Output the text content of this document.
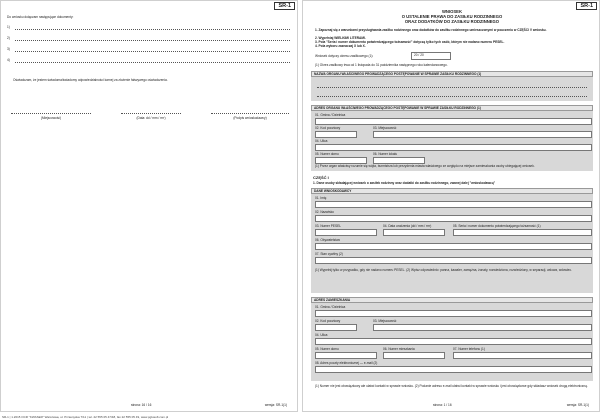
SR-1
Do wniosku dołączam następujące dokumenty:
1)
2)
3)
4)
Oświadczam, że jestem świadoma/świadomy odpowiedzialności karnej za złożenie fałszywego oświadczenia.
(Miejscowość)	(Data: dd / mm / rrrr)	(Podpis wnioskodawcy)
strona: 16 / 16	wersja: SR-1(1)
SR-1
WNIOSEK
O USTALENIE PRAWA DO ZASIŁKU RODZINNEGO
ORAZ DODATKÓW DO ZASIŁKU RODZINNEGO
1. Zapoznaj się z warunkami przysługiwania zasiłku rodzinnego oraz dodatków do zasiłku rodzinnego umieszczonymi w pouczeniu w CZĘŚCI V wniosku.
2. Wypełniaj WIELKIMI LITERAMI.
3. Pola "Seria i numer dokumentu potwierdzającego tożsamość" dotyczą tylko tych osób, którym nie nadano numeru PESEL.
4. Pola wyboru zaznaczaj X lub X.
Wniosek dotyczy okresu zasiłkowego (1):	20 / 20
(1) Okres zasiłkowy trwa od 1 listopada do 31 października następnego roku kalendarzowego.
NAZWA ORGANU WŁAŚCIWEGO PROWADZĄCEGO POSTĘPOWANIE W SPRAWIE ZASIŁKU RODZINNEGO (1)
ADRES ORGANU WŁAŚCIWEGO PROWADZĄCEGO POSTĘPOWANIE W SPRAWIE ZASIŁKU RODZINNEGO (1)
01. Gmina / Dzielnica
02. Kod pocztowy	03. Miejscowość
04. Ulica
05. Numer domu	06. Numer lokalu
(1) Przez organ właściwy rozumie się wójta, burmistrza lub prezydenta miasta właściwego ze względu na miejsce zamieszkania osoby ubiegającej wniosek.
CZĘŚĆ I
1. Dane osoby składającej wniosek o zasiłek rodzinny oraz dodatki do zasiłku rodzinnego, zwanej dalej "wnioskodawcą"
DANE WNIOSKODAWCY
01. Imię
02. Nazwisko
03. Numer PESEL	04. Data urodzenia (dd / mm / rrrr)	05. Seria i numer dokumentu potwierdzającego tożsamość (1)
06. Obywatelstwo
07. Stan cywilny (2)
(1) Wypełnij tylko w przypadku, gdy nie nadano numeru PESEL. (2) Wpisz odpowiednio: panna, kawaler, zamężna, żonaty, rozwiedziona, rozwiedziony, w separacji, wdowa, wdowiec.
ADRES ZAMIESZKANIA
01. Gmina / Dzielnica
02. Kod pocztowy	03. Miejscowość
04. Ulica
05. Numer domu	06. Numer mieszkania	07. Numer telefonu (1)
08. Adres poczty elektronicznej — e-mail (2)
(1) Numer nie jest obowiązkowy ale ułatwi kontakt w sprawie wniosku. (2) Podanie adresu e-mail ułatwi kontakt w sprawie wniosku i jest obowiązkowe gdy składasz wniosek drogą elektroniczną.
strona: 1 / 16	wersja: SR-1(1)
SR-1 | 1.2015 OCR "KWASER" Warszawa, ul. Przasnyska 7/11 | tel. 22 555 05 47/48, fax 22 555 05 49, www.pglusoft.com.pl
